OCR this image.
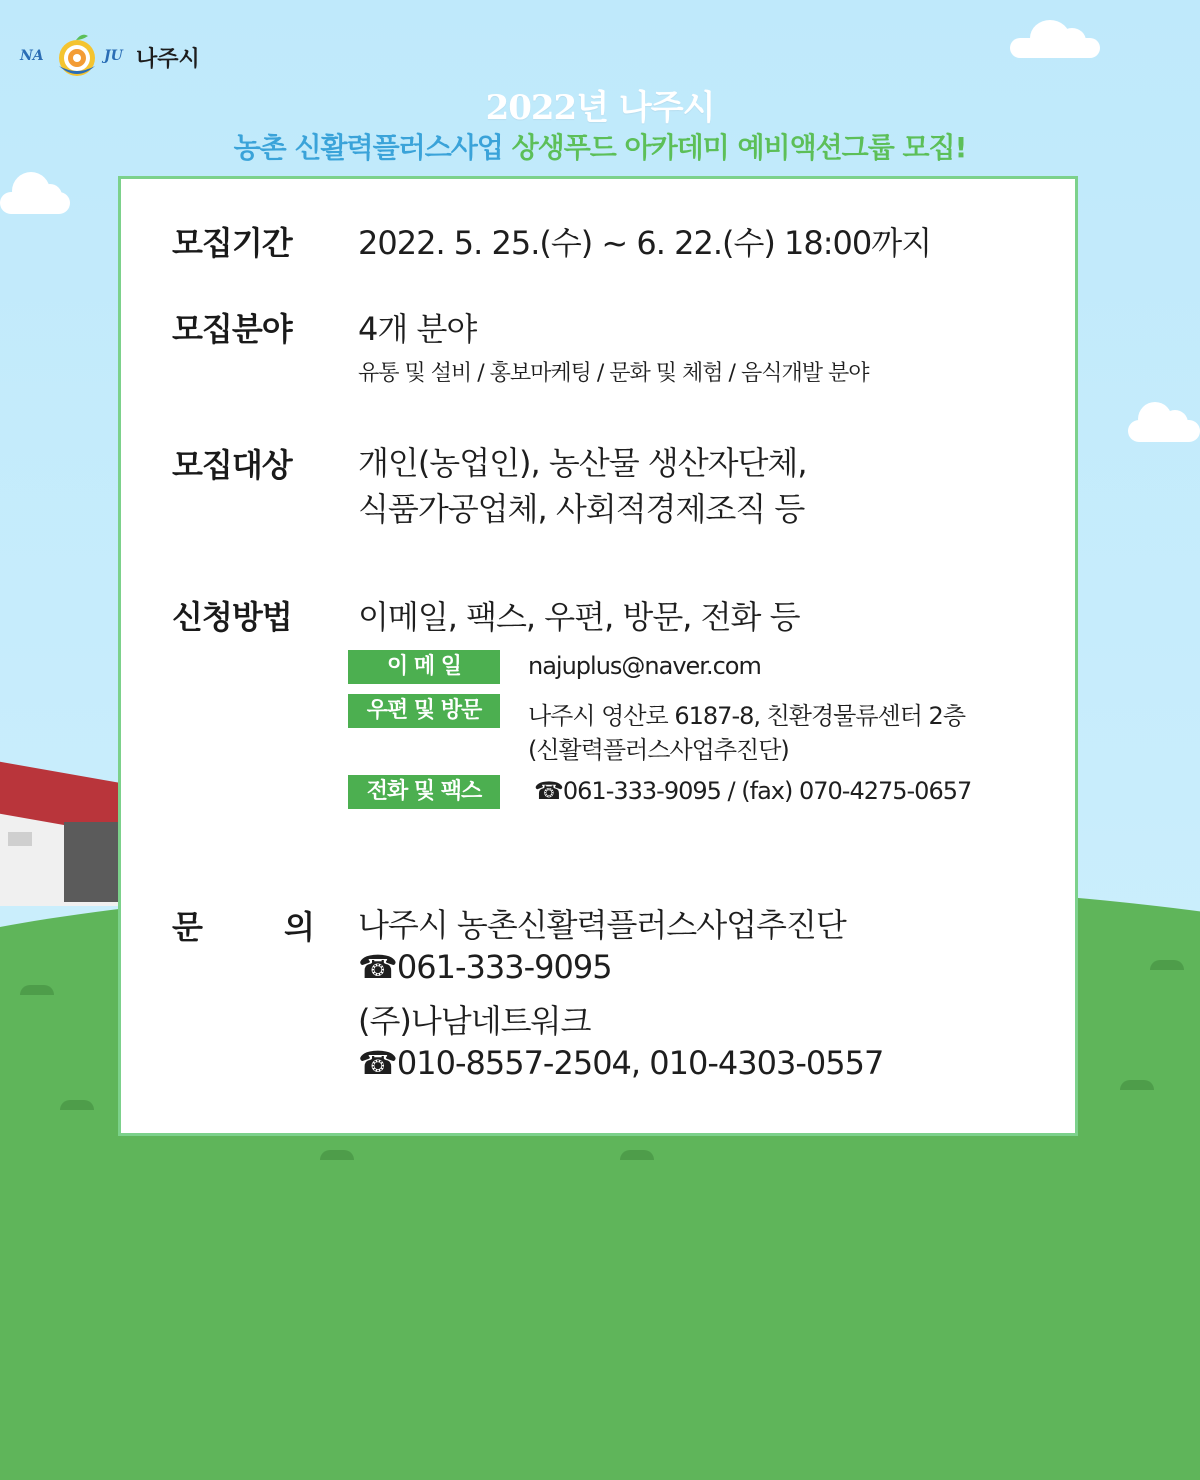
NA	JU 나주시
2022년 나주시
농촌 신활력플러스사업 상생푸드 아카데미 예비액션그룹 모집!
모집기간 2022. 5. 25.(수) ~ 6. 22.(수) 18:00까지
모집분야 4개 분야
유통 및 설비 / 홍보마케팅 / 문화 및 체험 / 음식개발 분야
모집대상 개인(농업인), 농산물 생산자단체,
식품가공업체, 사회적경제조직 등
신청방법 이메일, 팩스, 우편, 방문, 전화 등
이 메 일	najuplus@naver.com
우편 및 방문	나주시 영산로 6187-8, 친환경물류센터 2층
(신활력플러스사업추진단)
전화 및 팩스	☎061-333-9095 / (fax) 070-4275-0657
문	의 나주시 농촌신활력플러스사업추진단
☎061-333-9095
(주)나남네트워크
☎010-8557-2504, 010-4303-0557
